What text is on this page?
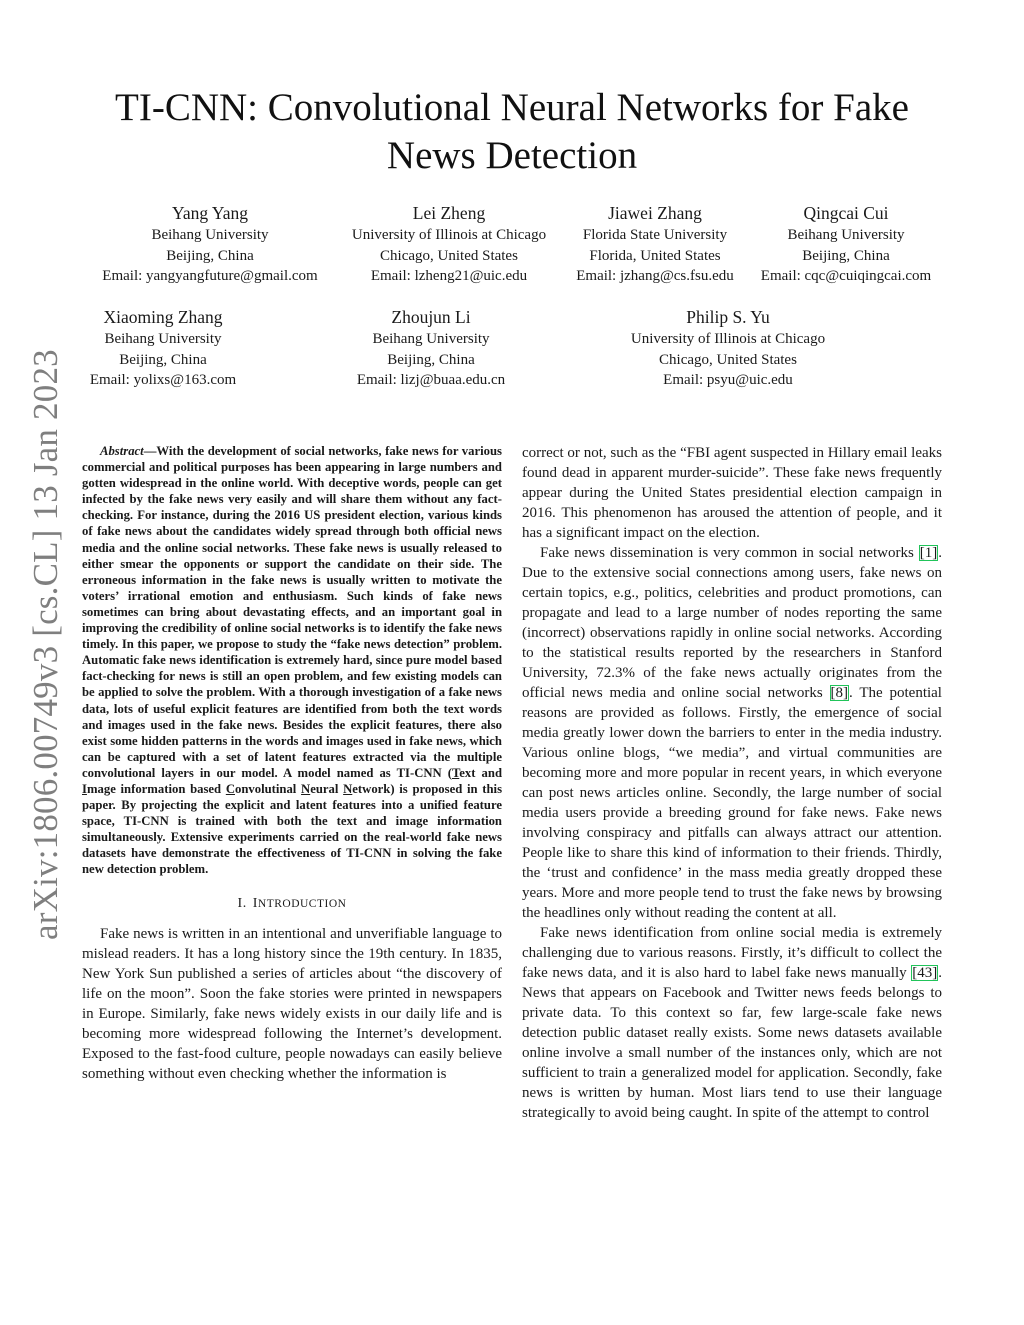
arXiv:1806.00749v3 [cs.CL] 13 Jan 2023
TI-CNN: Convolutional Neural Networks for Fake News Detection
Yang Yang
Beihang University
Beijing, China
Email: yangyangfuture@gmail.com
Lei Zheng
University of Illinois at Chicago
Chicago, United States
Email: lzheng21@uic.edu
Jiawei Zhang
Florida State University
Florida, United States
Email: jzhang@cs.fsu.edu
Qingcai Cui
Beihang University
Beijing, China
Email: cqc@cuiqingcai.com
Xiaoming Zhang
Beihang University
Beijing, China
Email: yolixs@163.com
Zhoujun Li
Beihang University
Beijing, China
Email: lizj@buaa.edu.cn
Philip S. Yu
University of Illinois at Chicago
Chicago, United States
Email: psyu@uic.edu

Abstract—With the development of social networks, fake news for various commercial and political purposes has been appearing in large numbers and gotten widespread in the online world. With deceptive words, people can get infected by the fake news very easily and will share them without any fact-checking. For instance, during the 2016 US president election, various kinds of fake news about the candidates widely spread through both official news media and the online social networks. These fake news is usually released to either smear the opponents or support the candidate on their side. The erroneous information in the fake news is usually written to motivate the voters’ irrational emotion and enthusiasm. Such kinds of fake news sometimes can bring about devastating effects, and an important goal in improving the credibility of online social networks is to identify the fake news timely. In this paper, we propose to study the “fake news detection” problem. Automatic fake news identification is extremely hard, since pure model based fact-checking for news is still an open problem, and few existing models can be applied to solve the problem. With a thorough investigation of a fake news data, lots of useful explicit features are identified from both the text words and images used in the fake news. Besides the explicit features, there also exist some hidden patterns in the words and images used in fake news, which can be captured with a set of latent features extracted via the multiple convolutional layers in our model. A model named as TI-CNN (Text and Image information based Convolutinal Neural Network) is proposed in this paper. By projecting the explicit and latent features into a unified feature space, TI-CNN is trained with both the text and image information simultaneously. Extensive experiments carried on the real-world fake news datasets have demonstrate the effectiveness of TI-CNN in solving the fake new detection problem.

I. INTRODUCTION

Fake news is written in an intentional and unverifiable language to mislead readers. It has a long history since the 19th century. In 1835, New York Sun published a series of articles about “the discovery of life on the moon”. Soon the fake stories were printed in newspapers in Europe. Similarly, fake news widely exists in our daily life and is becoming more widespread following the Internet’s development. Exposed to the fast-food culture, people nowadays can easily believe something without even checking whether the information is

correct or not, such as the “FBI agent suspected in Hillary email leaks found dead in apparent murder-suicide”. These fake news frequently appear during the United States presidential election campaign in 2016. This phenomenon has aroused the attention of people, and it has a significant impact on the election.

Fake news dissemination is very common in social networks [1]. Due to the extensive social connections among users, fake news on certain topics, e.g., politics, celebrities and product promotions, can propagate and lead to a large number of nodes reporting the same (incorrect) observations rapidly in online social networks. According to the statistical results reported by the researchers in Stanford University, 72.3% of the fake news actually originates from the official news media and online social networks [8]. The potential reasons are provided as follows. Firstly, the emergence of social media greatly lower down the barriers to enter in the media industry. Various online blogs, “we media”, and virtual communities are becoming more and more popular in recent years, in which everyone can post news articles online. Secondly, the large number of social media users provide a breeding ground for fake news. Fake news involving conspiracy and pitfalls can always attract our attention. People like to share this kind of information to their friends. Thirdly, the ‘trust and confidence’ in the mass media greatly dropped these years. More and more people tend to trust the fake news by browsing the headlines only without reading the content at all.

Fake news identification from online social media is extremely challenging due to various reasons. Firstly, it’s difficult to collect the fake news data, and it is also hard to label fake news manually [43]. News that appears on Facebook and Twitter news feeds belongs to private data. To this context so far, few large-scale fake news detection public dataset really exists. Some news datasets available online involve a small number of the instances only, which are not sufficient to train a generalized model for application. Secondly, fake news is written by human. Most liars tend to use their language strategically to avoid being caught. In spite of the attempt to control
